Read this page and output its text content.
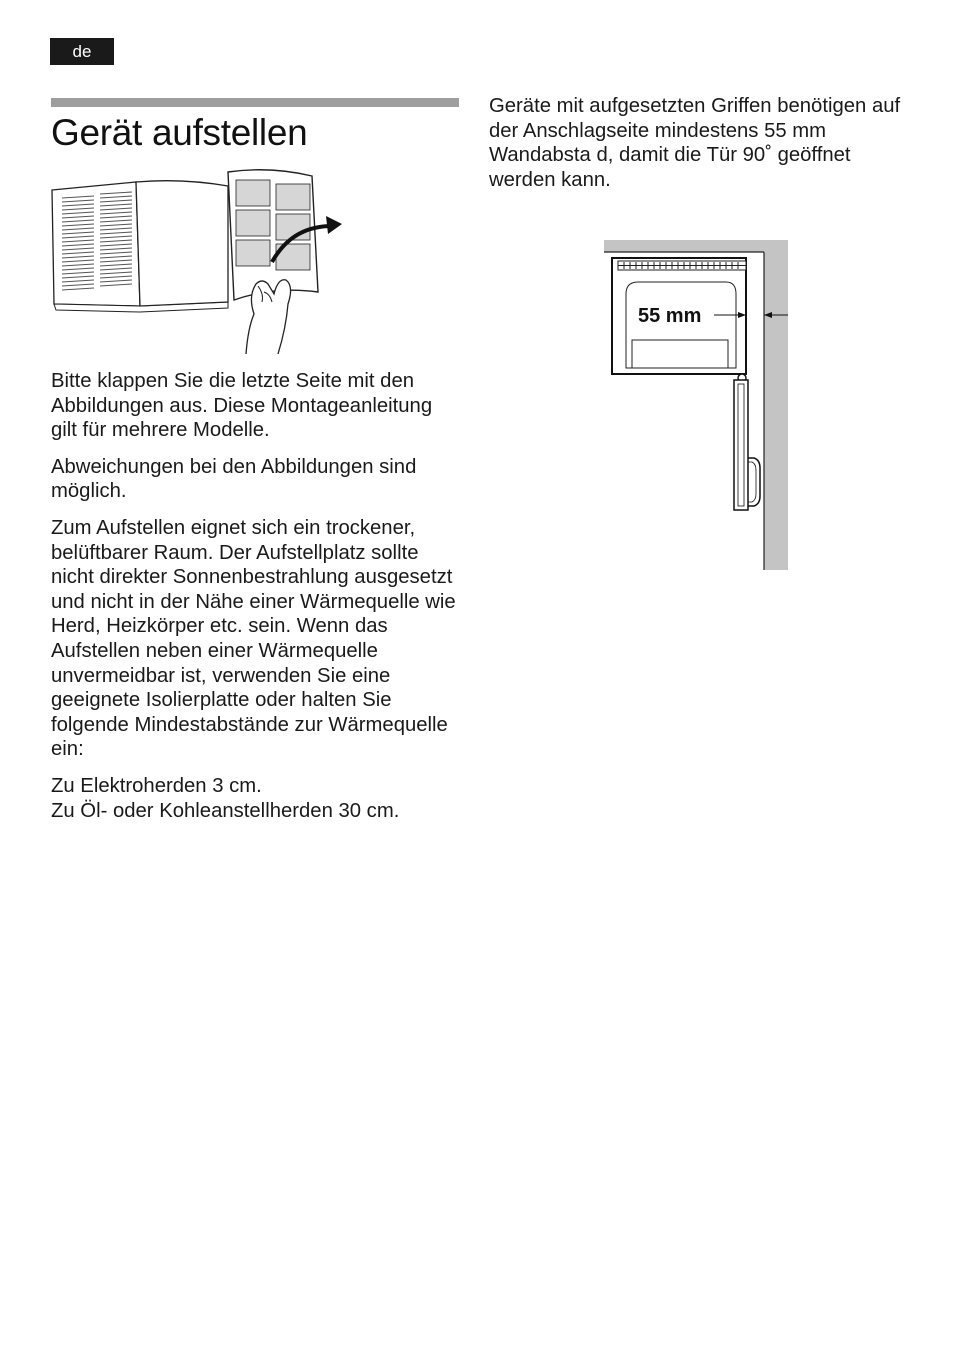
de
Gerät aufstellen

Bitte klappen Sie die letzte Seite mit den Abbildungen aus. Diese Montageanleitung gilt für mehrere Modelle.

Abweichungen bei den Abbildungen sind möglich.

Zum Aufstellen eignet sich ein trockener, belüftbarer Raum. Der Aufstellplatz sollte nicht direkter Sonnenbestrahlung ausgesetzt und nicht in der Nähe einer Wärmequelle wie Herd, Heizkörper etc. sein. Wenn das Aufstellen neben einer Wärmequelle unvermeidbar ist, verwenden Sie eine geeignete Isolierplatte oder halten Sie folgende Mindestabstände zur Wärmequelle ein:

Zu Elektroherden 3 cm.
Zu Öl- oder Kohleanstellherden 30 cm.

Geräte mit aufgesetzten Griffen benötigen auf der Anschlagseite mindestens 55 mm Wandabsta d, damit die Tür 90˚ geöffnet werden kann.

55 mm
